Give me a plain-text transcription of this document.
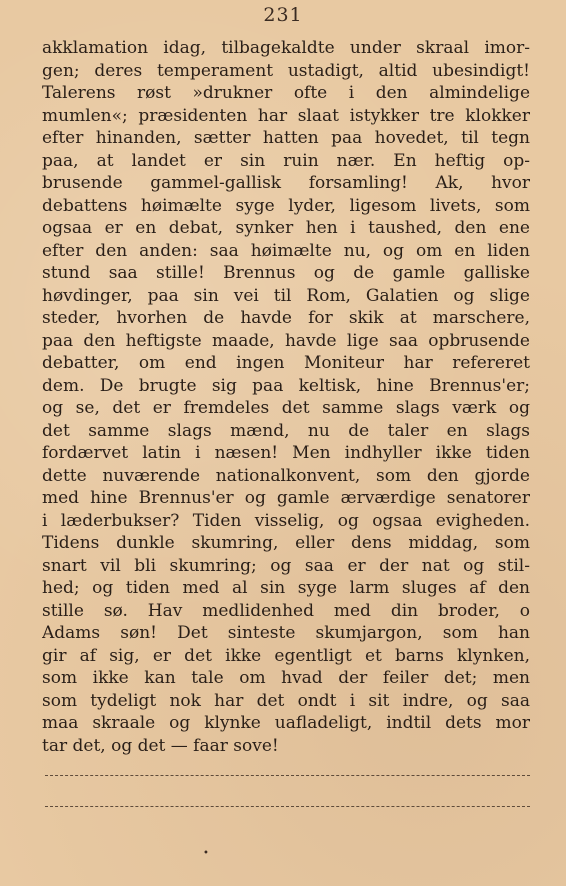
231
akklamation idag, tilbagekaldte under skraal imor-
gen; deres temperament ustadigt, altid ubesindigt!
Talerens røst »drukner ofte i den almindelige
mumlen«; præsidenten har slaat istykker tre klokker
efter hinanden, sætter hatten paa hovedet, til tegn
paa, at landet er sin ruin nær. En heftig op-
brusende gammel-gallisk forsamling! Ak, hvor
debattens høimælte syge lyder, ligesom livets, som
ogsaa er en debat, synker hen i taushed, den ene
efter den anden: saa høimælte nu, og om en liden
stund saa stille! Brennus og de gamle galliske
høvdinger, paa sin vei til Rom, Galatien og slige
steder, hvorhen de havde for skik at marschere,
paa den heftigste maade, havde lige saa opbrusende
debatter, om end ingen Moniteur har refereret
dem. De brugte sig paa keltisk, hine Brennus'er;
og se, det er fremdeles det samme slags værk og
det samme slags mænd, nu de taler en slags
fordærvet latin i næsen! Men indhyller ikke tiden
dette nuværende nationalkonvent, som den gjorde
med hine Brennus'er og gamle ærværdige senatorer
i læderbukser? Tiden visselig, og ogsaa evigheden.
Tidens dunkle skumring, eller dens middag, som
snart vil bli skumring; og saa er der nat og stil-
hed; og tiden med al sin syge larm sluges af den
stille sø. Hav medlidenhed med din broder, o
Adams søn! Det sinteste skumjargon, som han
gir af sig, er det ikke egentligt et barns klynken,
som ikke kan tale om hvad der feiler det; men
som tydeligt nok har det ondt i sit indre, og saa
maa skraale og klynke uafladeligt, indtil dets mor
tar det, og det — faar sove!
•
